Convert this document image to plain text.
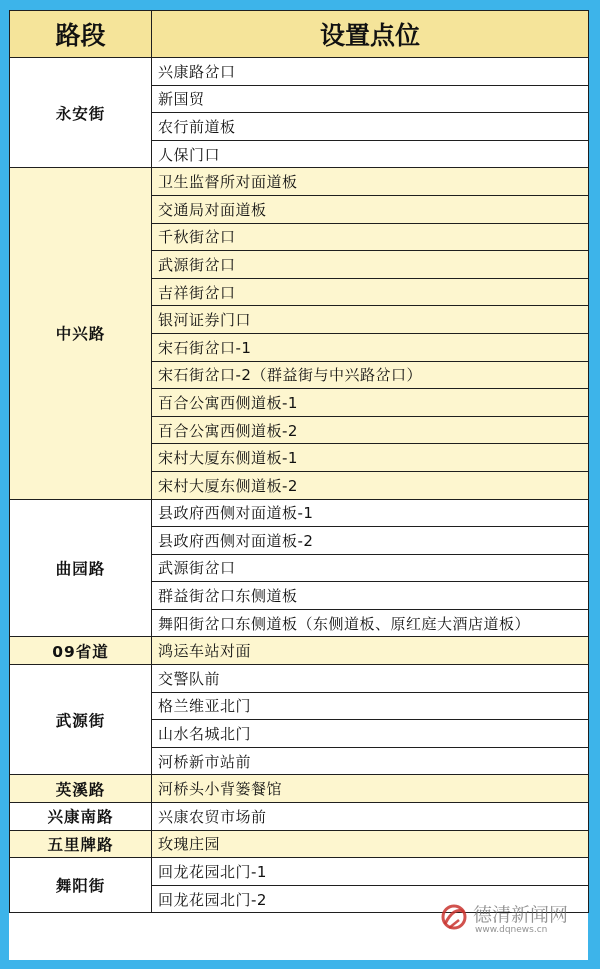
路段	设置点位
永安街	兴康路岔口
	新国贸
	农行前道板
	人保门口
中兴路	卫生监督所对面道板
	交通局对面道板
	千秋街岔口
	武源街岔口
	吉祥街岔口
	银河证券门口
	宋石街岔口-1
	宋石街岔口-2（群益街与中兴路岔口）
	百合公寓西侧道板-1
	百合公寓西侧道板-2
	宋村大厦东侧道板-1
	宋村大厦东侧道板-2
曲园路	县政府西侧对面道板-1
	县政府西侧对面道板-2
	武源街岔口
	群益街岔口东侧道板
	舞阳街岔口东侧道板（东侧道板、原红庭大酒店道板）
09省道	鸿运车站对面
武源街	交警队前
	格兰维亚北门
	山水名城北门
	河桥新市站前
英溪路	河桥头小背篓餐馆
兴康南路	兴康农贸市场前
五里牌路	玫瑰庄园
舞阳街	回龙花园北门-1
	回龙花园北门-2
德清新闻网
www.dqnews.cn
